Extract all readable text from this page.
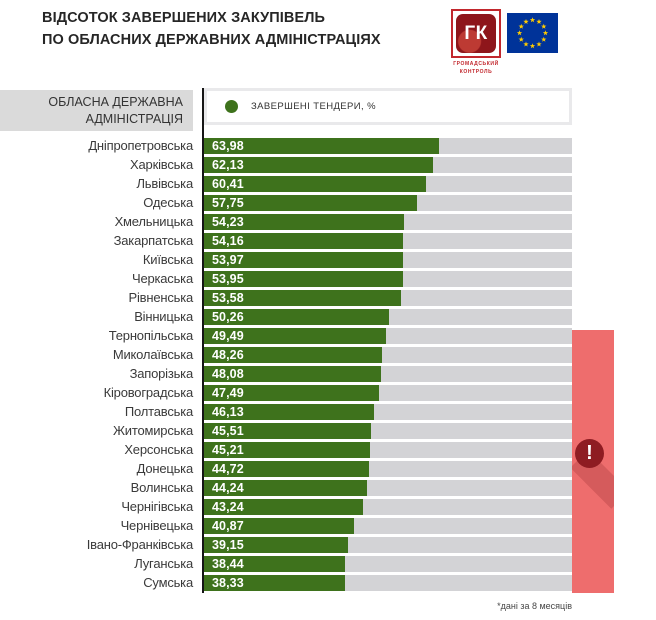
ВІДСОТОК ЗАВЕРШЕНИХ ЗАКУПІВЕЛЬ
ПО ОБЛАСНИХ ДЕРЖАВНИХ АДМІНІСТРАЦІЯХ	ГК
ГРОМАДСЬКИЙ
КОНТРОЛЬ
ОБЛАСНА ДЕРЖАВНА
АДМІНІСТРАЦІЯ
ЗАВЕРШЕНІ ТЕНДЕРИ, %
Дніпропетровська	63,98
Харківська	62,13
Львівська	60,41
Одеська	57,75
Хмельницька	54,23
Закарпатська	54,16
Київська	53,97
Черкаська	53,95
Рівненська	53,58
Вінницька	50,26
Тернопільська	49,49
Миколаївська	48,26
Запорізька	48,08
Кіровоградська	47,49
Полтавська	46,13
Житомирська	45,51
Херсонська	45,21
Донецька	44,72
Волинська	44,24
Чернігівська	43,24
Чернівецька	40,87
Івано-Франківська	39,15
Луганська	38,44
Сумська	38,33
!
*дані за 8 месяців
